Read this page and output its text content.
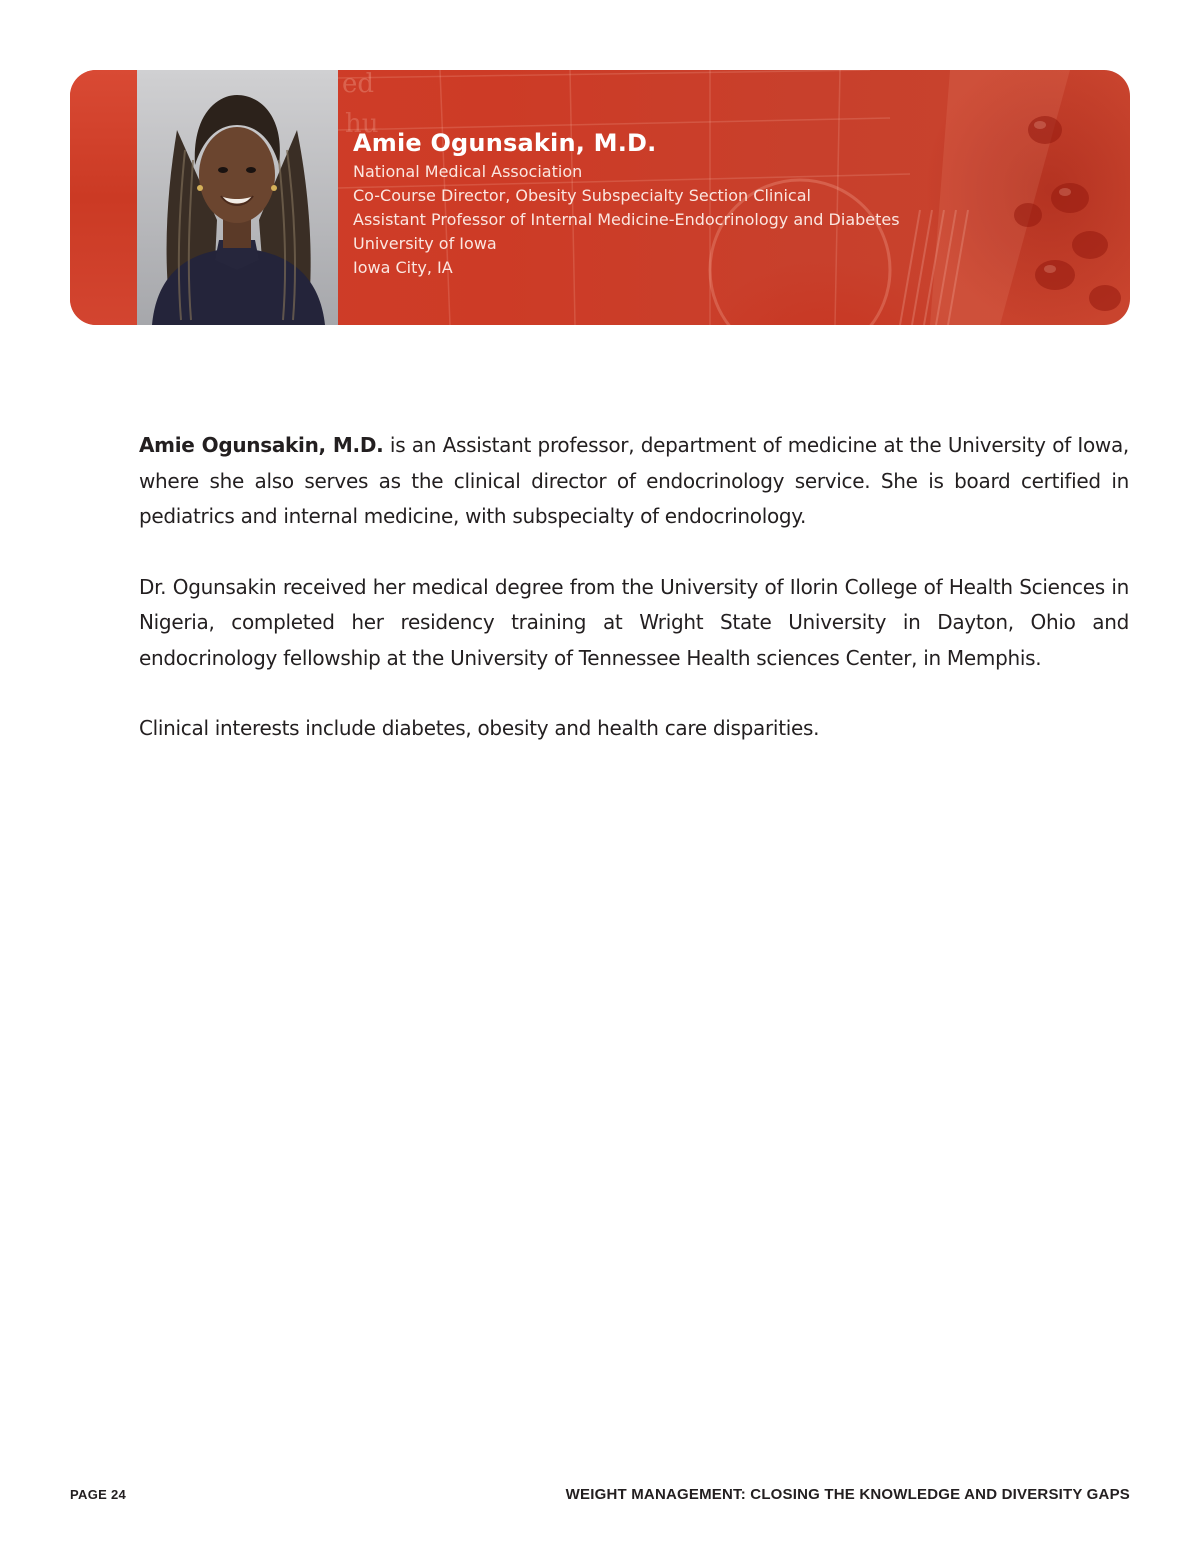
ed
hu
Amie Ogunsakin, M.D.
National Medical Association
Co-Course Director, Obesity Subspecialty Section Clinical
Assistant Professor of Internal Medicine-Endocrinology and Diabetes
University of Iowa
Iowa City, IA

Amie Ogunsakin, M.D. is an Assistant professor, department of medicine at the University of Iowa, where she also serves as the clinical director of endocrinology service. She is board certified in pediatrics and internal medicine, with subspecialty of endocrinology.

Dr. Ogunsakin received her medical degree from the University of Ilorin College of Health Sciences in Nigeria, completed her residency training at Wright State University in Dayton, Ohio and endocrinology fellowship at the University of Tennessee Health sciences Center, in Memphis.

Clinical interests include diabetes, obesity and health care disparities.

PAGE 24	WEIGHT MANAGEMENT: CLOSING THE KNOWLEDGE AND DIVERSITY GAPS
